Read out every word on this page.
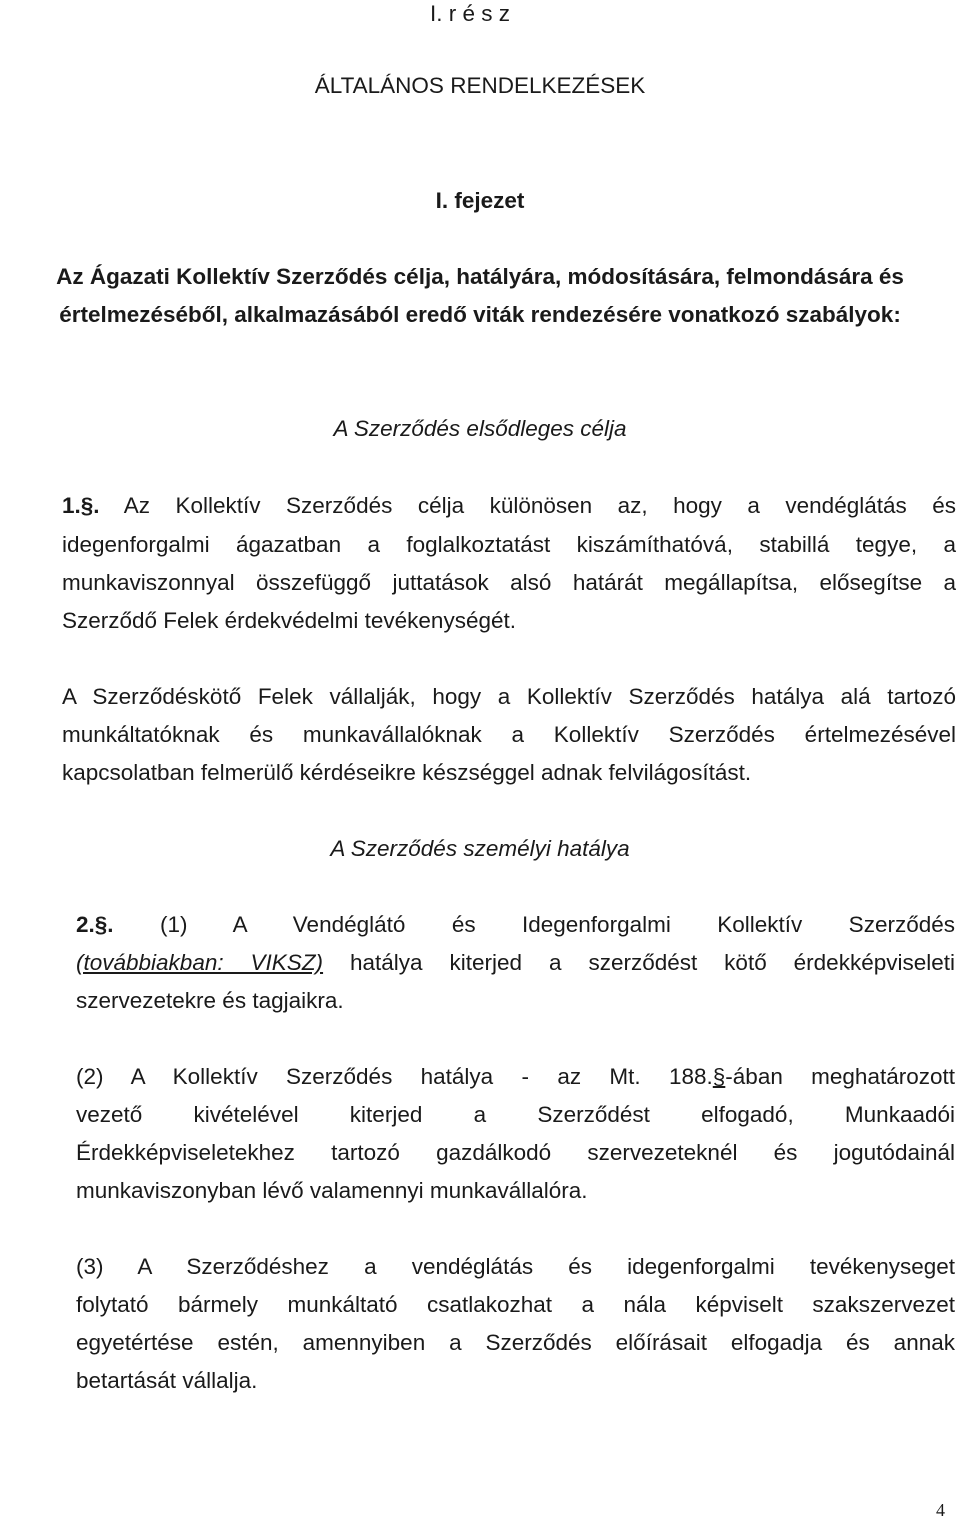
I. r é s z
ÁLTALÁNOS RENDELKEZÉSEK
I. fejezet
Az Ágazati Kollektív Szerződés célja, hatályára, módosítására, felmondására és
értelmezéséből, alkalmazásából eredő viták rendezésére vonatkozó szabályok:
A Szerződés elsődleges célja
1.§. Az Kollektív Szerződés célja különösen az, hogy a vendéglátás és
idegenforgalmi ágazatban a foglalkoztatást kiszámíthatóvá, stabillá tegye, a
munkaviszonnyal összefüggő juttatások alsó határát megállapítsa, elősegítse a
Szerződő Felek érdekvédelmi tevékenységét.
A Szerződéskötő Felek vállalják, hogy a Kollektív Szerződés hatálya alá tartozó
munkáltatóknak és munkavállalóknak a Kollektív Szerződés értelmezésével
kapcsolatban felmerülő kérdéseikre készséggel adnak felvilágosítást.
A Szerződés személyi hatálya
2.§. (1) A Vendéglátó és Idegenforgalmi Kollektív Szerződés
(továbbiakban: VIKSZ) hatálya kiterjed a szerződést kötő érdekképviseleti
szervezetekre és tagjaikra.
(2) A Kollektív Szerződés hatálya - az Mt. 188.§-ában meghatározott
vezető kivételével kiterjed a Szerződést elfogadó, Munkaadói
Érdekképviseletekhez tartozó gazdálkodó szervezeteknél és jogutódainál
munkaviszonyban lévő valamennyi munkavállalóra.
(3) A Szerződéshez a vendéglátás és idegenforgalmi tevékenyseget
folytató bármely munkáltató csatlakozhat a nála képviselt szakszervezet
egyetértése estén, amennyiben a Szerződés előírásait elfogadja és annak
betartását vállalja.
4
